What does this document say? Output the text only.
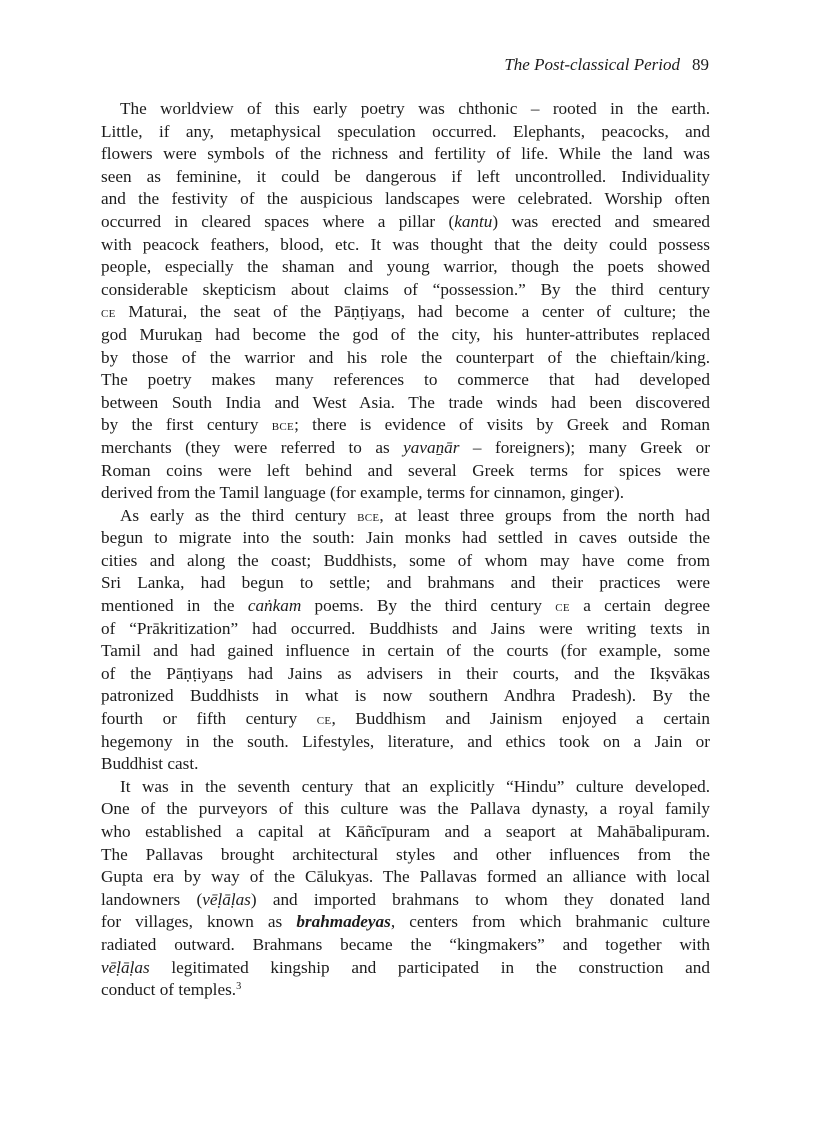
The Post-classical Period 89
The worldview of this early poetry was chthonic – rooted in the earth.
Little, if any, metaphysical speculation occurred. Elephants, peacocks, and
flowers were symbols of the richness and fertility of life. While the land was
seen as feminine, it could be dangerous if left uncontrolled. Individuality
and the festivity of the auspicious landscapes were celebrated. Worship often
occurred in cleared spaces where a pillar (kantu) was erected and smeared
with peacock feathers, blood, etc. It was thought that the deity could possess
people, especially the shaman and young warrior, though the poets showed
considerable skepticism about claims of “possession.” By the third century
ce Maturai, the seat of the Pāṇṭiyaṉs, had become a center of culture; the
god Murukaṉ had become the god of the city, his hunter-attributes replaced
by those of the warrior and his role the counterpart of the chieftain/king.
The poetry makes many references to commerce that had developed
between South India and West Asia. The trade winds had been discovered
by the first century bce; there is evidence of visits by Greek and Roman
merchants (they were referred to as yavaṉār – foreigners); many Greek or
Roman coins were left behind and several Greek terms for spices were
derived from the Tamil language (for example, terms for cinnamon, ginger).
As early as the third century bce, at least three groups from the north had
begun to migrate into the south: Jain monks had settled in caves outside the
cities and along the coast; Buddhists, some of whom may have come from
Sri Lanka, had begun to settle; and brahmans and their practices were
mentioned in the caṅkam poems. By the third century ce a certain degree
of “Prākritization” had occurred. Buddhists and Jains were writing texts in
Tamil and had gained influence in certain of the courts (for example, some
of the Pāṇṭiyaṉs had Jains as advisers in their courts, and the Ikṣvākas
patronized Buddhists in what is now southern Andhra Pradesh). By the
fourth or fifth century ce, Buddhism and Jainism enjoyed a certain
hegemony in the south. Lifestyles, literature, and ethics took on a Jain or
Buddhist cast.
It was in the seventh century that an explicitly “Hindu” culture developed.
One of the purveyors of this culture was the Pallava dynasty, a royal family
who established a capital at Kāñcīpuram and a seaport at Mahābalipuram.
The Pallavas brought architectural styles and other influences from the
Gupta era by way of the Cālukyas. The Pallavas formed an alliance with local
landowners (vēḷāḷas) and imported brahmans to whom they donated land
for villages, known as brahmadeyas, centers from which brahmanic culture
radiated outward. Brahmans became the “kingmakers” and together with
vēḷāḷas legitimated kingship and participated in the construction and
conduct of temples.$^3$
